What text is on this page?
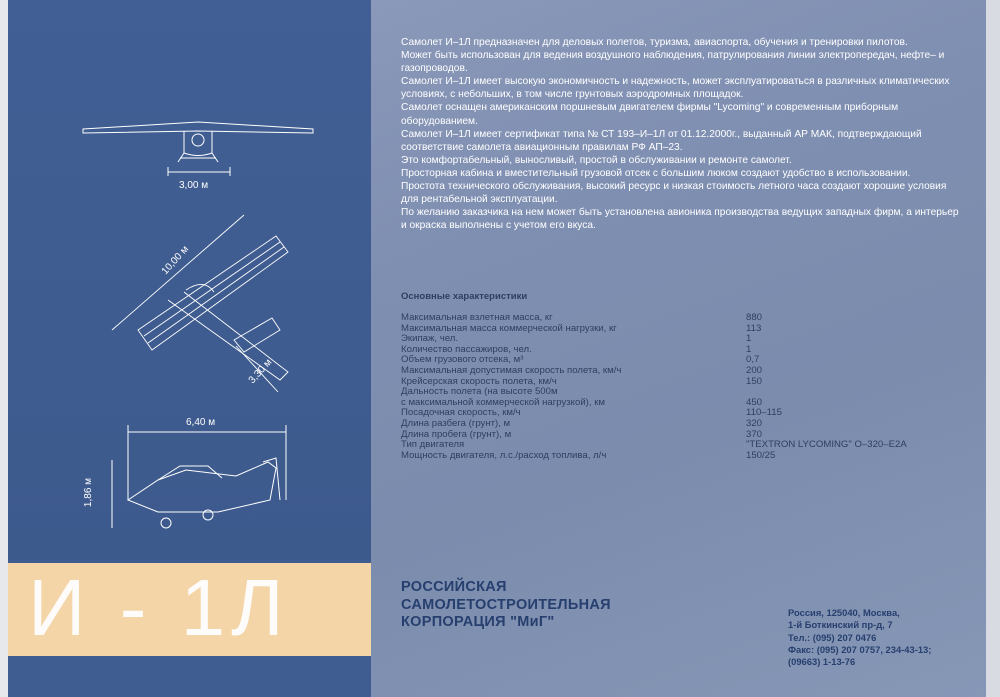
3,00 м
10,00 м
3,30 м
6,40 м
1,86 м
И - 1Л

Самолет И–1Л предназначен для деловых полетов, туризма, авиаспорта, обучения и тренировки пилотов.

Может быть использован для ведения воздушного наблюдения, патрулирования линии электропередач, нефте– и газопроводов.

Самолет И–1Л имеет высокую экономичность и надежность, может эксплуатироваться в различных климатических условиях, с небольших, в том числе грунтовых аэродромных площадок.

Самолет оснащен американским поршневым двигателем фирмы "Lycoming" и современным приборным оборудованием.

Самолет И–1Л имеет сертификат типа № СТ 193–И–1Л от 01.12.2000г., выданный АР МАК, подтверждающий соответствие самолета авиационным правилам РФ АП–23.

Это комфортабельный, выносливый, простой в обслуживании и ремонте самолет.

Просторная кабина и вместительный грузовой отсек с большим люком создают удобство в использовании.

Простота технического обслуживания, высокий ресурс и низкая стоимость летного часа создают хорошие условия для рентабельной эксплуатации.

По желанию заказчика на нем может быть установлена авионика производства ведущих западных фирм, а интерьер и окраска выполнены с учетом его вкуса.

Основные характеристики
Максимальная взлетная масса, кг	880
Максимальная масса коммерческой нагрузки, кг	113
Экипаж, чел.	1
Количество пассажиров, чел.	1
Объем грузового отсека, м³	0,7
Максимальная допустимая скорость полета, км/ч	200
Крейсерская скорость полета, км/ч	150
Дальность полета (на высоте 500м
с максимальной коммерческой нагрузкой), км	450
Посадочная скорость, км/ч	110–115
Длина разбега (грунт), м	320
Длина пробега (грунт), м	370
Тип двигателя	"TEXTRON LYCOMING" O–320–E2A
Мощность двигателя, л.с./расход топлива, л/ч	150/25
РОССИЙСКАЯ
САМОЛЕТОСТРОИТЕЛЬНАЯ
КОРПОРАЦИЯ "МиГ"
Россия, 125040, Москва,
1-й Боткинский пр-д, 7
Тел.: (095) 207 0476
Факс: (095) 207 0757, 234-43-13;
(09663) 1-13-76
